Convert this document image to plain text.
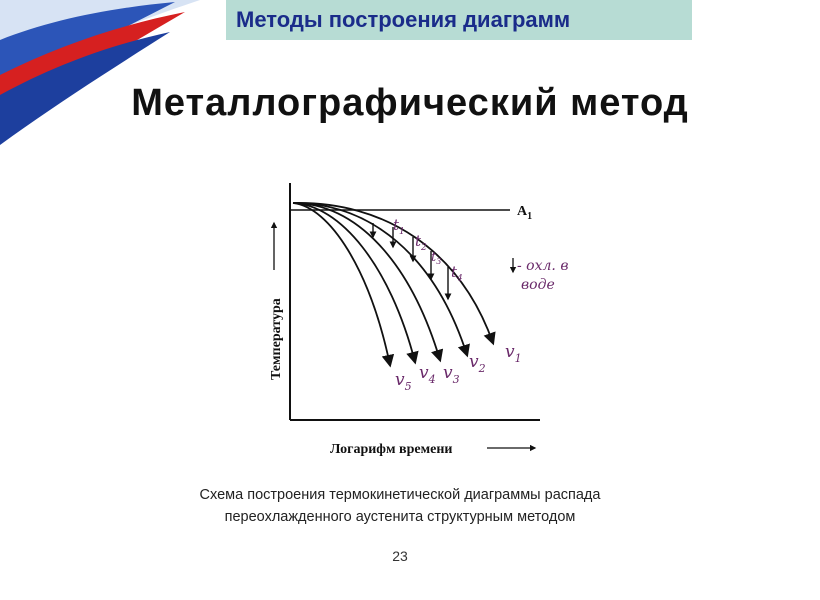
Методы построения диаграмм
Металлографический метод
$A_1$
$t_1$ $t_2$
$t_3$
$t_4$
$v_5$
$v_4$ $v_3$
$v_2$
$v_1$
- охл. в
воде
Температура
Логарифм времени
Схема построения термокинетической диаграммы распада
переохлажденного аустенита структурным методом
23
